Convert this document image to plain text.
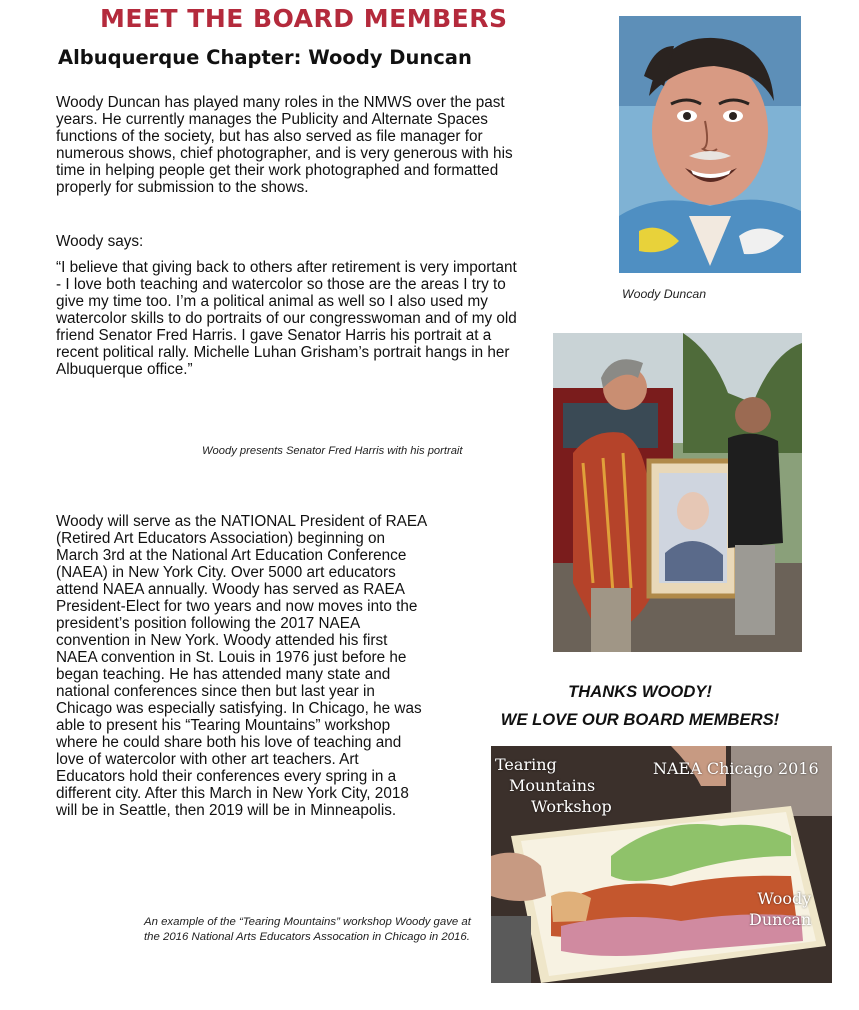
MEET THE BOARD MEMBERS
Albuquerque Chapter: Woody Duncan

Woody Duncan has played many roles in the NMWS over the past years. He currently manages the Publicity and Alternate Spaces functions of the society, but has also served as file manager for numerous shows, chief photographer, and is very generous with his time in helping people get their work photographed and formatted properly for submission to the shows.

Woody says:

“I believe that giving back to others after retirement is very important - I love both teaching and watercolor so those are the areas I try to give my time too. I’m a political animal as well so I also used my watercolor skills to do portraits of our congresswoman and of my old friend Senator Fred Harris. I gave Senator Harris his portrait at a recent political rally. Michelle Luhan Grisham’s portrait hangs in her Albuquerque office.”

Woody presents Senator Fred Harris with his portrait

Woody will serve as the NATIONAL President of RAEA (Retired Art Educators Association) beginning on March 3rd at the National Art Education Conference (NAEA) in New York City. Over 5000 art educators attend NAEA annually. Woody has served as RAEA President-Elect for two years and now moves into the president’s position following the 2017 NAEA convention in New York. Woody attended his first NAEA convention in St. Louis in 1976 just before he began teaching. He has attended many state and national conferences since then but last year in Chicago was especially satisfying. In Chicago, he was able to present his “Tearing Mountains” workshop where he could share both his love of teaching and love of watercolor with other art teachers. Art Educators hold their conferences every spring in a different city. After this March in New York City, 2018 will be in Seattle, then 2019 will be in Minneapolis.

An example of the “Tearing Mountains” workshop Woody gave at the 2016 National Arts Educators Assocation in Chicago in 2016.
Woody Duncan
THANKS WOODY!
WE LOVE OUR BOARD MEMBERS!
Tearing
Mountains
Workshop
NAEA Chicago 2016
Woody
Duncan
